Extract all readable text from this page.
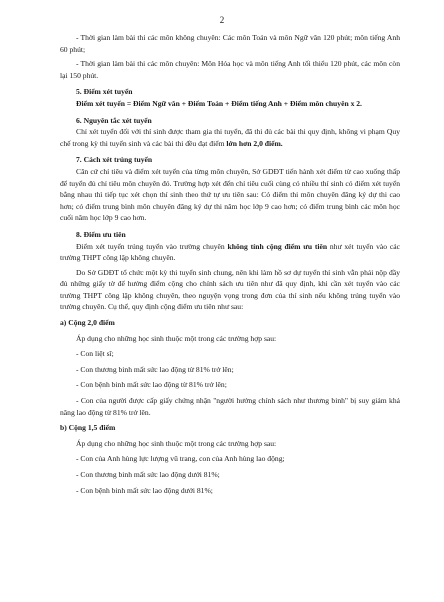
2

- Thời gian làm bài thi các môn không chuyên: Các môn Toán và môn Ngữ văn 120 phút; môn tiếng Anh 60 phút;

- Thời gian làm bài thi các môn chuyên: Môn Hóa học và môn tiếng Anh tối thiểu 120 phút, các môn còn lại 150 phút.

5. Điểm xét tuyển

Điểm xét tuyển = Điểm Ngữ văn + Điểm Toán + Điểm tiếng Anh + Điểm môn chuyên x 2.

6. Nguyên tắc xét tuyển

Chỉ xét tuyển đối với thí sinh được tham gia thi tuyển, đã thi đủ các bài thi quy định, không vi phạm Quy chế trong kỳ thi tuyển sinh và các bài thi đều đạt điểm lớn hơn 2,0 điểm.

7. Cách xét trúng tuyển

Căn cứ chỉ tiêu và điểm xét tuyển của từng môn chuyên, Sở GDĐT tiến hành xét điểm từ cao xuống thấp để tuyển đủ chỉ tiêu môn chuyên đó. Trường hợp xét đến chỉ tiêu cuối cùng có nhiều thí sinh có điểm xét tuyển bằng nhau thì tiếp tục xét chọn thí sinh theo thứ tự ưu tiên sau: Có điểm thi môn chuyên đăng ký dự thi cao hơn; có điểm trung bình môn chuyên đăng ký dự thi năm học lớp 9 cao hơn; có điểm trung bình các môn học cuối năm học lớp 9 cao hơn.

8. Điểm ưu tiên

Điểm xét tuyển trúng tuyển vào trường chuyên không tính cộng điểm ưu tiên như xét tuyển vào các trường THPT công lập không chuyên.

Do Sở GDĐT tổ chức một kỳ thi tuyển sinh chung, nên khi làm hồ sơ dự tuyển thí sinh vẫn phải nộp đầy đủ những giấy tờ để hưởng điểm cộng cho chính sách ưu tiên như đã quy định, khi cần xét tuyển vào các trường THPT công lập không chuyên, theo nguyện vọng trong đơn của thí sinh nếu không trúng tuyển vào trường chuyên. Cụ thể, quy định cộng điểm ưu tiên như sau:

a) Cộng 2,0 điểm

Áp dụng cho những học sinh thuộc một trong các trường hợp sau:

- Con liệt sĩ;

- Con thương binh mất sức lao động từ 81% trở lên;

- Con bệnh binh mất sức lao động từ 81% trở lên;

- Con của người được cấp giấy chứng nhận "người hưởng chính sách như thương binh" bị suy giảm khả năng lao động từ 81% trở lên.

b) Cộng 1,5 điểm

Áp dụng cho những học sinh thuộc một trong các trường hợp sau:

- Con của Anh hùng lực lượng vũ trang, con của Anh hùng lao động;

- Con thương binh mất sức lao động dưới 81%;

- Con bệnh binh mất sức lao động dưới 81%;
